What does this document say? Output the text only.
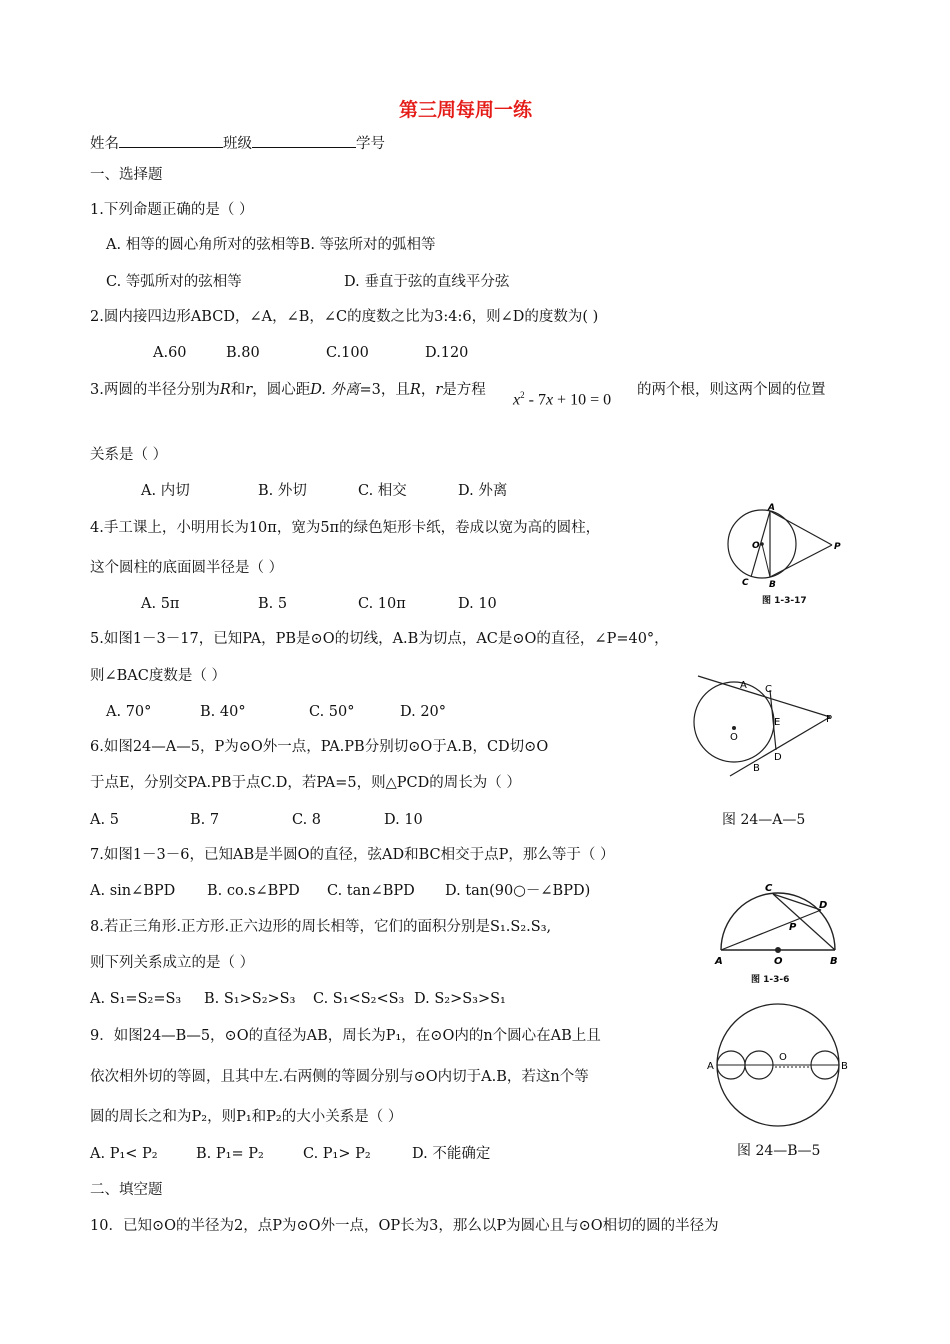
第三周每周一练
姓名	班级	学号
一、选择题
1.下列命题正确的是（ ）
A. 相等的圆心角所对的弦相等B. 等弦所对的弧相等
C. 等弧所对的弦相等	D. 垂直于弦的直线平分弦
2.圆内接四边形ABCD，∠A，∠B，∠C的度数之比为3:4:6，则∠D的度数为( )
A.60	B.80	C.100	D.120
3.两圆的半径分别为R和r，圆心距D. 外离=3，且R，r是方程
$x^2 - 7x + 10 = 0$
的两个根，则这两个圆的位置
关系是（ ）
A. 内切	B. 外切	C. 相交	D. 外离
4.手工课上，小明用长为10π，宽为5π的绿色矩形卡纸，卷成以宽为高的圆柱，
这个圆柱的底面圆半径是（ ）
A. 5π	B. 5	C. 10π	D. 10
5.如图1－3－17，已知PA，PB是⊙O的切线，A.B为切点，AC是⊙O的直径，∠P=40°，
则∠BAC度数是（ ）
A. 70°	B. 40°	C. 50°	D. 20°
6.如图24—A—5，P为⊙O外一点，PA.PB分别切⊙O于A.B，CD切⊙O
于点E，分别交PA.PB于点C.D，若PA=5，则△PCD的周长为（ ）
A. 5	B. 7	C. 8	D. 10
7.如图1－3－6，已知AB是半圆O的直径，弦AD和BC相交于点P，那么等于（ ）
A. sin∠BPD B. co.s∠BPD C. tan∠BPD D. tan(90○－∠BPD)
8.若正三角形.正方形.正六边形的周长相等，它们的面积分别是S₁.S₂.S₃,
则下列关系成立的是（ ）
A. S₁=S₂=S₃ B. S₁>S₂>S₃ C. S₁<S₂<S₃ D. S₂>S₃>S₁
9．如图24—B—5，⊙O的直径为AB，周长为P₁，在⊙O内的n个圆心在AB上且
依次相外切的等圆，且其中左.右两侧的等圆分别与⊙O内切于A.B，若这n个等
圆的周长之和为P₂，则P₁和P₂的大小关系是（ ）
A. P₁< P₂	B. P₁= P₂	C. P₁> P₂	D. 不能确定
二、填空题
10．已知⊙O的半径为2，点P为⊙O外一点，OP长为3，那么以P为圆心且与⊙O相切的圆的半径为
A
O	P
C B
图 1-3-17
A C
E	P
O
D
B
图 24—A—5
C
D
P
A	O	B
图 1-3-6
A
O
B
图 24—B—5
